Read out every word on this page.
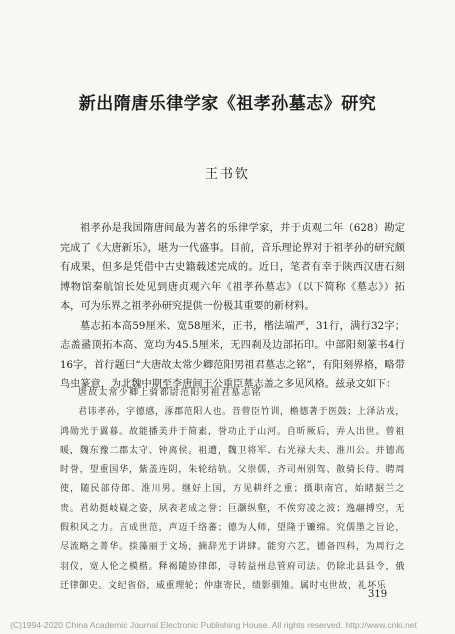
新出隋唐乐律学家《祖孝孙墓志》研究
王书钦

祖孝孙是我国隋唐间最为著名的乐律学家，并于贞观二年（628）勘定完成了《大唐新乐》，堪为一代盛事。目前，音乐理论界对于祖孝孙的研究颇有成果，但多是凭借中古史籍载述完成的。近日，笔者有幸于陕西汉唐石刻博物馆秦航馆长处见到唐贞观六年《祖孝孙墓志》（以下简称《墓志》）拓本，可为乐界之祖孝孙研究提供一份极其重要的新材料。

墓志拓本高59厘米、宽58厘米，正书，楷法端严，31行，满行32字；志盖盝顶拓本高、宽均为45.5厘米，无四刹及边部拓印。中部阳刻篆书4行16字，首行题曰“大唐故太常少卿范阳男祖君墓志之铭”，有阳刻界格，略带鸟虫篆意，为北魏中期至李唐间王公重臣墓志盖之多见风格。兹录文如下：

唐故太常少卿上骑都尉范阳男祖君墓志铭

君讳孝孙，字德感，涿郡范阳人也。昔曾臣竹训，檐德著于医鼓；上泽沾戎，鸿勋光于翼暮。故能播美并于简素，誉功止于山河。自昕厥后，弄人出世。曾祖暖，魏东豫二郡太守、钟离侯。祖遭，魏卫将军、右光禄大夫、淮川公。并德高时誉，望重国华，紫盖连阴，朱轮结轨。父崇儒，齐司州别驾、散骑长侍、聘周使，随民部侍郎、淮川男。继好上国，方见耕纤之重；摄职南宫，始睹据兰之贵。君幼挺岐嶷之姿，夙表老成之誉；巨灏纵壑，不俟穷凌之波；逸翮搏空，无假积风之力。言成世范，声迈千络蕃；德为人师，望隆于镰绵。究儒墨之旨论，尽流略之菁华。掞藻丽于文场，摘辞光于讲肆。能穷六艺，德备四科，为周行之羽仪，宽人伦之模楷。释褐随协律郎，寻转益州总管府司法。仍除北县县令，俄迁律御史。文纪省俗，威重理轮；仲康寄民，绩影驯雉。属时屯世故，礼坏乐

319
(C)1994-2020 China Academic Journal Electronic Publishing House. All rights reserved. http://www.cnki.net
